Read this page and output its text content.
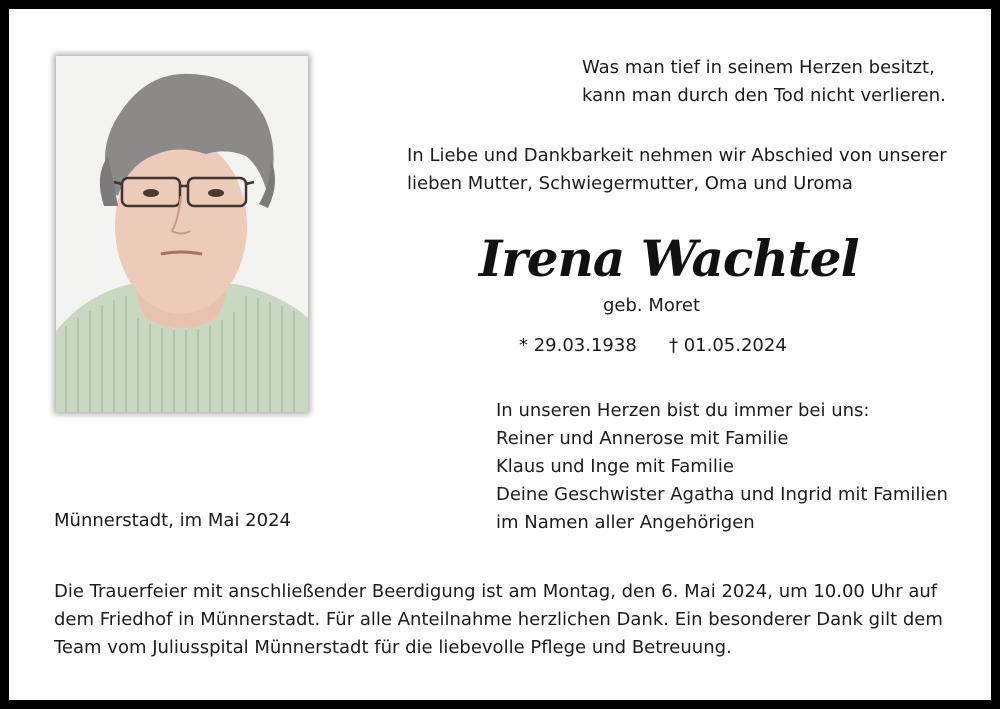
Was man tief in seinem Herzen besitzt,
kann man durch den Tod nicht verlieren.
In Liebe und Dankbarkeit nehmen wir Abschied von unserer
lieben Mutter, Schwiegermutter, Oma und Uroma
Irena Wachtel
geb. Moret
* 29.03.1938 † 01.05.2024
In unseren Herzen bist du immer bei uns:
Reiner und Annerose mit Familie
Klaus und Inge mit Familie
Deine Geschwister Agatha und Ingrid mit Familien
im Namen aller Angehörigen
Münnerstadt, im Mai 2024
Die Trauerfeier mit anschließender Beerdigung ist am Montag, den 6. Mai 2024, um 10.00 Uhr auf
dem Friedhof in Münnerstadt. Für alle Anteilnahme herzlichen Dank. Ein besonderer Dank gilt dem
Team vom Juliusspital Münnerstadt für die liebevolle Pflege und Betreuung.
